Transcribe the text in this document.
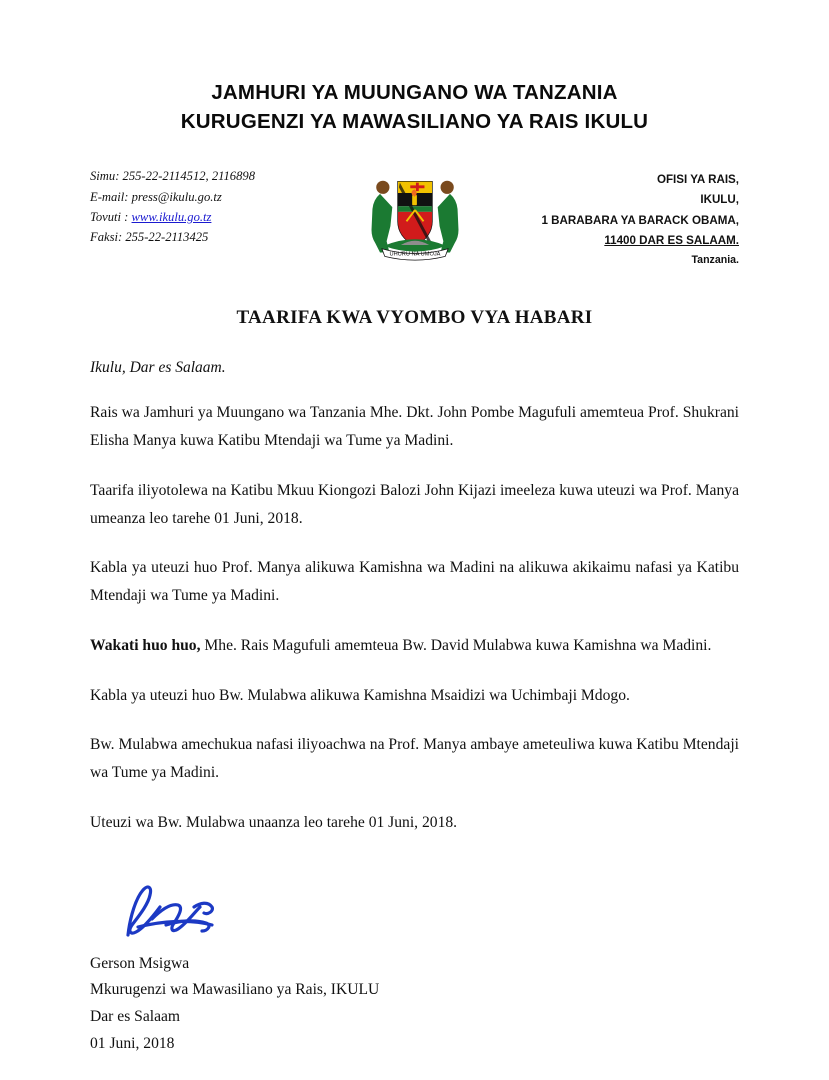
JAMHURI YA MUUNGANO WA TANZANIA
KURUGENZI YA MAWASILIANO YA RAIS IKULU
Simu: 255-22-2114512, 2116898
E-mail: press@ikulu.go.tz
Tovuti : www.ikulu.go.tz
Faksi: 255-22-2113425
UHURU NA UMOJA
OFISI YA RAIS,
IKULU,
1 BARABARA YA BARACK OBAMA,
11400 DAR ES SALAAM.
Tanzania.
TAARIFA KWA VYOMBO VYA HABARI
Ikulu, Dar es Salaam.

Rais wa Jamhuri ya Muungano wa Tanzania Mhe. Dkt. John Pombe Magufuli amemteua Prof. Shukrani Elisha Manya kuwa Katibu Mtendaji wa Tume ya Madini.

Taarifa iliyotolewa na Katibu Mkuu Kiongozi Balozi John Kijazi imeeleza kuwa uteuzi wa Prof. Manya umeanza leo tarehe 01 Juni, 2018.

Kabla ya uteuzi huo Prof. Manya alikuwa Kamishna wa Madini na alikuwa akikaimu nafasi ya Katibu Mtendaji wa Tume ya Madini.

Wakati huo huo, Mhe. Rais Magufuli amemteua Bw. David Mulabwa kuwa Kamishna wa Madini.

Kabla ya uteuzi huo Bw. Mulabwa alikuwa Kamishna Msaidizi wa Uchimbaji Mdogo.

Bw. Mulabwa amechukua nafasi iliyoachwa na Prof. Manya ambaye ameteuliwa kuwa Katibu Mtendaji wa Tume ya Madini.

Uteuzi wa Bw. Mulabwa unaanza leo tarehe 01 Juni, 2018.

Gerson Msigwa
Mkurugenzi wa Mawasiliano ya Rais, IKULU
Dar es Salaam
01 Juni, 2018
